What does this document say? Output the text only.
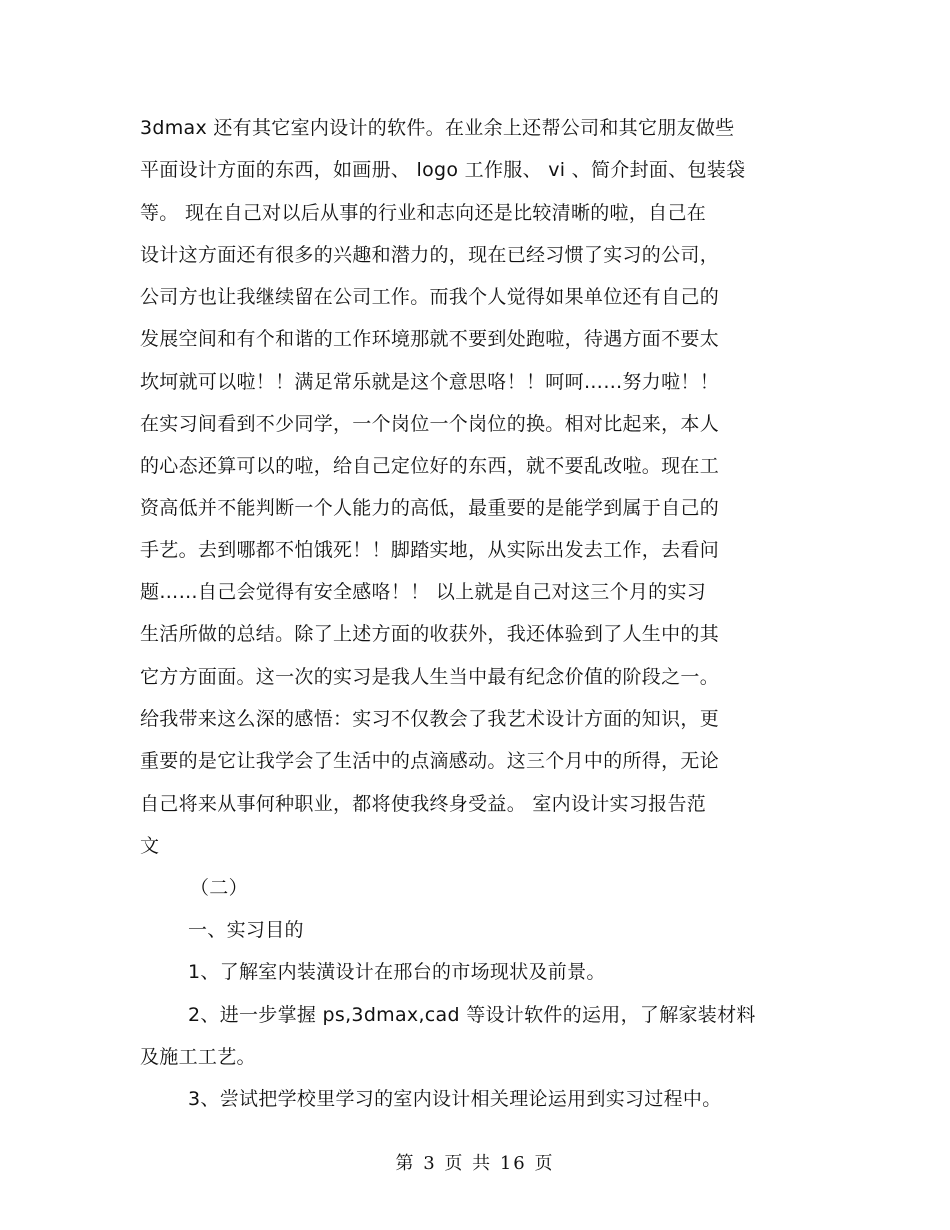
3dmax 还有其它室内设计的软件。在业余上还帮公司和其它朋友做些
平面设计方面的东西，如画册、 logo 工作服、 vi 、简介封面、包装袋
等。 现在自己对以后从事的行业和志向还是比较清晰的啦，自己在
设计这方面还有很多的兴趣和潜力的，现在已经习惯了实习的公司，
公司方也让我继续留在公司工作。而我个人觉得如果单位还有自己的
发展空间和有个和谐的工作环境那就不要到处跑啦，待遇方面不要太
坎坷就可以啦！！满足常乐就是这个意思咯！！呵呵……努力啦！！
在实习间看到不少同学，一个岗位一个岗位的换。相对比起来，本人
的心态还算可以的啦，给自己定位好的东西，就不要乱改啦。现在工
资高低并不能判断一个人能力的高低，最重要的是能学到属于自己的
手艺。去到哪都不怕饿死！！脚踏实地，从实际出发去工作，去看问
题……自己会觉得有安全感咯！！ 以上就是自己对这三个月的实习
生活所做的总结。除了上述方面的收获外，我还体验到了人生中的其
它方方面面。这一次的实习是我人生当中最有纪念价值的阶段之一。
给我带来这么深的感悟：实习不仅教会了我艺术设计方面的知识，更
重要的是它让我学会了生活中的点滴感动。这三个月中的所得，无论
自己将来从事何种职业，都将使我终身受益。 室内设计实习报告范
文
（二）
一、实习目的
1、了解室内装潢设计在邢台的市场现状及前景。
2、进一步掌握 ps,3dmax,cad 等设计软件的运用，了解家装材料
及施工工艺。
3、尝试把学校里学习的室内设计相关理论运用到实习过程中。
第 3 页 共 16 页
